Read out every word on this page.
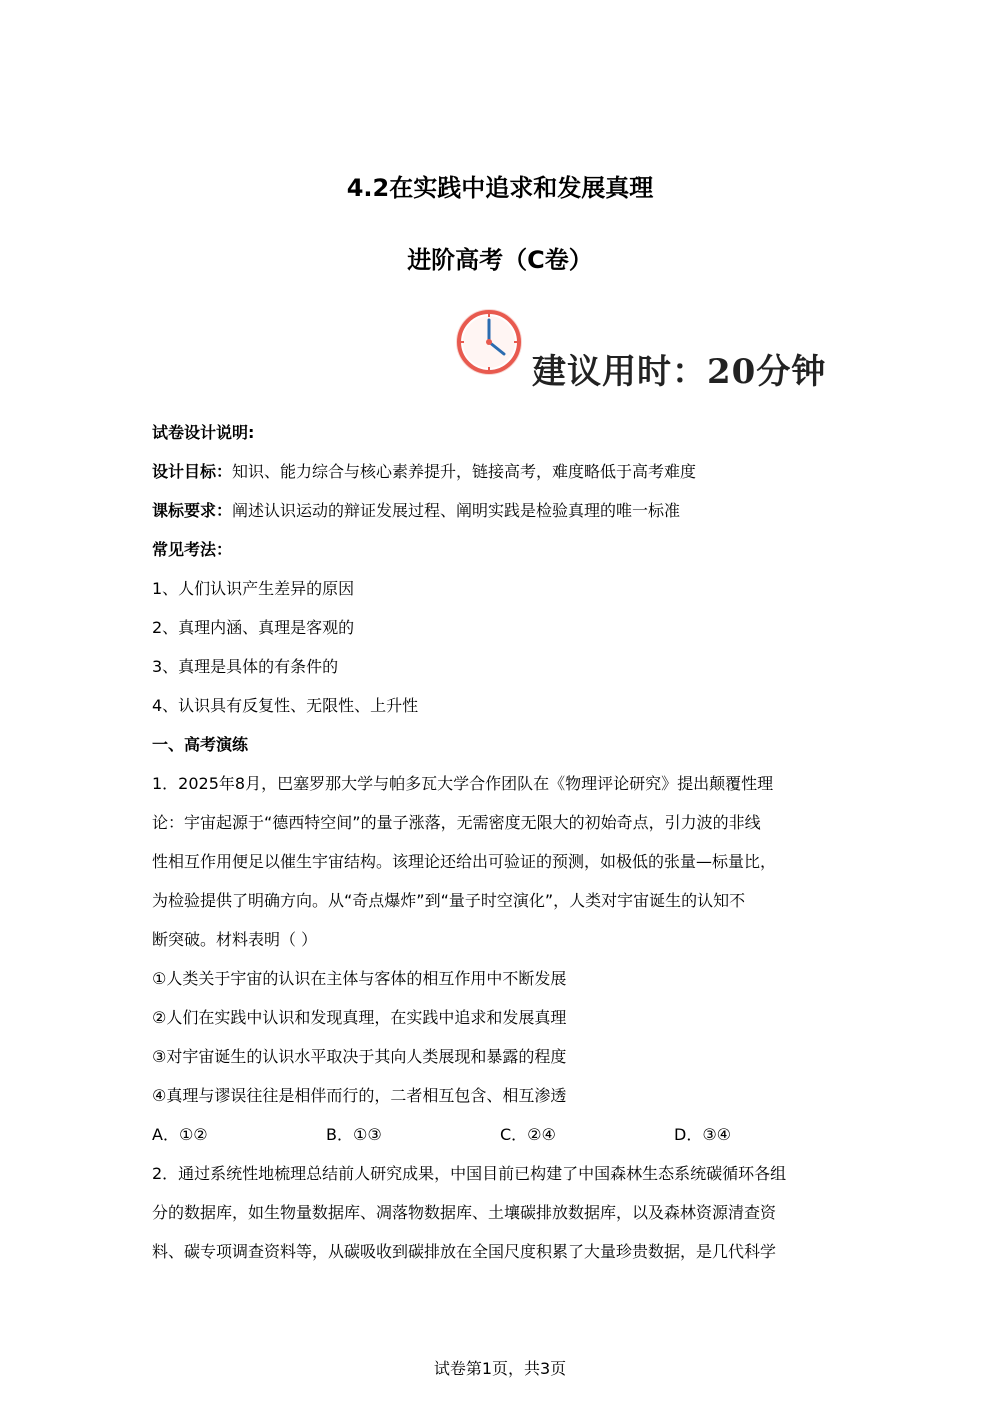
4.2在实践中追求和发展真理
进阶高考（C卷）
建议用时：20分钟
试卷设计说明:
设计目标：知识、能力综合与核心素养提升，链接高考，难度略低于高考难度
课标要求：阐述认识运动的辩证发展过程、阐明实践是检验真理的唯一标准
常见考法：
1、人们认识产生差异的原因
2、真理内涵、真理是客观的
3、真理是具体的有条件的
4、认识具有反复性、无限性、上升性
一、高考演练
1．2025年8月，巴塞罗那大学与帕多瓦大学合作团队在《物理评论研究》提出颠覆性理
论：宇宙起源于“德西特空间”的量子涨落，无需密度无限大的初始奇点，引力波的非线
性相互作用便足以催生宇宙结构。该理论还给出可验证的预测，如极低的张量—标量比，
为检验提供了明确方向。从“奇点爆炸”到“量子时空演化”，人类对宇宙诞生的认知不
断突破。材料表明（ ）
①人类关于宇宙的认识在主体与客体的相互作用中不断发展
②人们在实践中认识和发现真理，在实践中追求和发展真理
③对宇宙诞生的认识水平取决于其向人类展现和暴露的程度
④真理与谬误往往是相伴而行的，二者相互包含、相互渗透
A．①②	B．①③	C．②④	D．③④
2．通过系统性地梳理总结前人研究成果，中国目前已构建了中国森林生态系统碳循环各组
分的数据库，如生物量数据库、凋落物数据库、土壤碳排放数据库，以及森林资源清查资
料、碳专项调查资料等，从碳吸收到碳排放在全国尺度积累了大量珍贵数据，是几代科学
试卷第1页，共3页
